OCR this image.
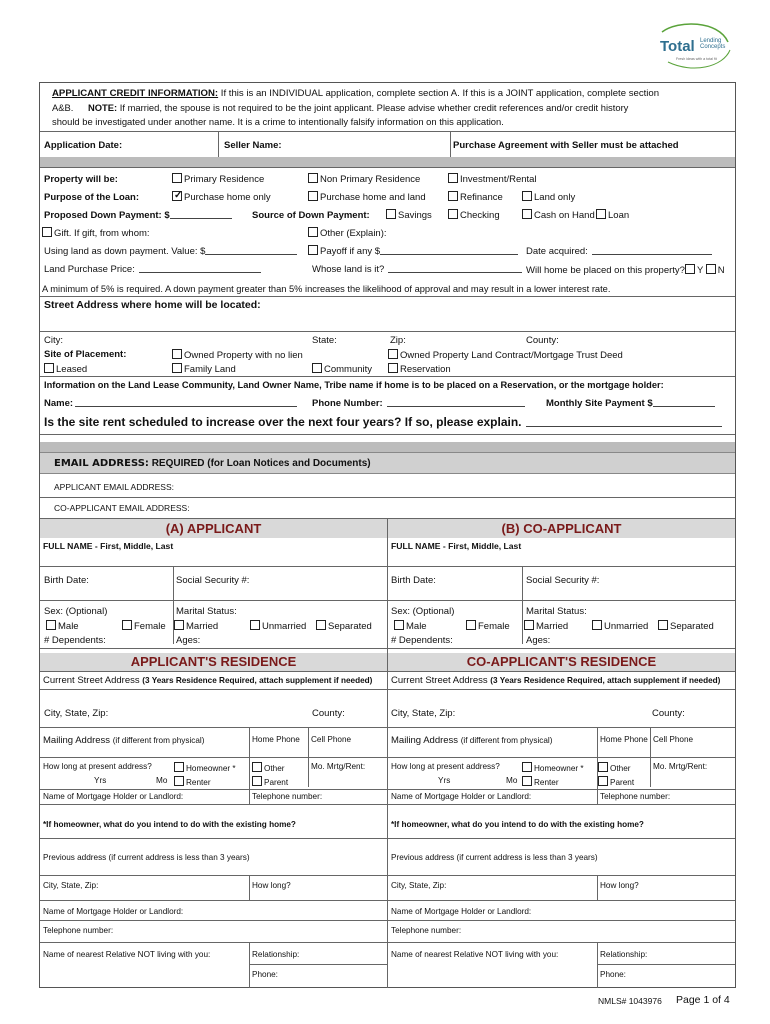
Total Lending
Concepts
Fresh ideas with a total fit
APPLICANT CREDIT INFORMATION: If this is an INDIVIDUAL application, complete section A. If this is a JOINT application, complete section
A&B. NOTE: If married, the spouse is not required to be the joint applicant. Please advise whether credit references and/or credit history
should be investigated under another name. It is a crime to intentionally falsify information on this application.
Application Date:	Seller Name:	Purchase Agreement with Seller must be attached
Property will be:	Primary Residence	Non Primary Residence	Investment/Rental
Purpose of the Loan: ✓	Purchase home only	Purchase home and land	Refinance	Land only
Proposed Down Payment: $	Source of Down Payment:	Savings	Checking	Cash on Hand	Loan
Gift. If gift, from whom:	Other (Explain):
Using land as down payment. Value: $	Payoff if any $	Date acquired:
Land Purchase Price:	Whose land is it?	Will home be placed on this property? Y N
A minimum of 5% is required. A down payment greater than 5% increases the likelihood of approval and may result in a lower interest rate.
Street Address where home will be located:
City:	State:	Zip:	County:
Site of Placement:	Owned Property with no lien	Owned Property Land Contract/Mortgage Trust Deed
Leased	Family Land	Community	Reservation
Information on the Land Lease Community, Land Owner Name, Tribe name if home is to be placed on a Reservation, or the mortgage holder:
Name:	Phone Number:	Monthly Site Payment $
Is the site rent scheduled to increase over the next four years? If so, please explain.
EMAIL ADDRESS: REQUIRED (for Loan Notices and Documents)
APPLICANT EMAIL ADDRESS:
CO-APPLICANT EMAIL ADDRESS:
(A) APPLICANT	(B) CO-APPLICANT
FULL NAME - First, Middle, Last	FULL NAME - First, Middle, Last
Birth Date:	Social Security #:	Birth Date:	Social Security #:
Sex: (Optional)
Male	Female
# Dependents:
Marital Status:
Married	Unmarried	Separated
Ages:
Sex: (Optional)
Male	Female
# Dependents:
Marital Status:
Married	Unmarried	Separated
Ages:
APPLICANT'S RESIDENCE	CO-APPLICANT'S RESIDENCE
Current Street Address (3 Years Residence Required, attach supplement if needed) Current Street Address (3 Years Residence Required, attach supplement if needed)
City, State, Zip:	County:	City, State, Zip:	County:
Mailing Address (if different from physical)	Home Phone Cell Phone	Mailing Address (if different from physical)	Home Phone Cell Phone
How long at present address?	Homeowner *	Other	Mo. Mrtg/Rent:
Yrs	Mo	Renter	Parent
Name of Mortgage Holder or Landlord:	Telephone number:
How long at present address?	Homeowner *	Other	Mo. Mrtg/Rent:
Yrs	Mo	Renter	Parent
Name of Mortgage Holder or Landlord:	Telephone number:
*If homeowner, what do you intend to do with the existing home?	*If homeowner, what do you intend to do with the existing home?
Previous address (if current address is less than 3 years)	Previous address (if current address is less than 3 years)
City, State, Zip:	How long?	City, State, Zip:	How long?
Name of Mortgage Holder or Landlord:	Name of Mortgage Holder or Landlord:
Telephone number:	Telephone number:
Name of nearest Relative NOT living with you:	Relationship:
Phone:
Name of nearest Relative NOT living with you:	Relationship:
Phone:
NMLS# 1043976 Page 1 of 4
